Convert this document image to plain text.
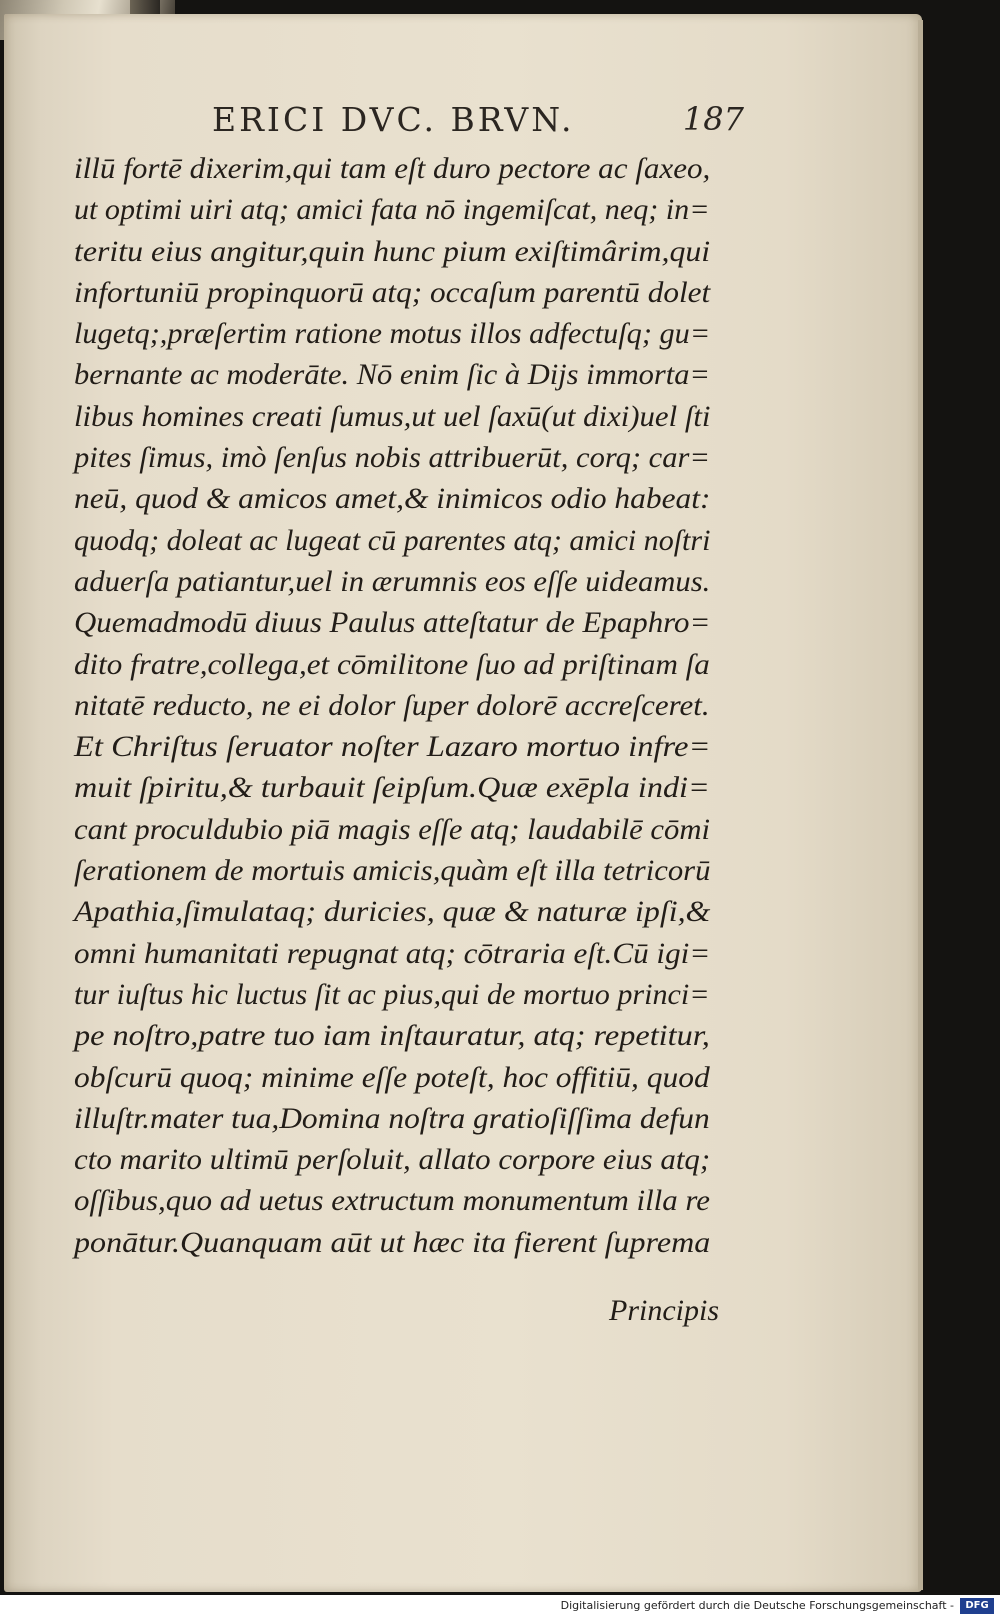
ERICI DVC. BRVN.	187
illū fortē dixerim,qui tam eſt duro pectore ac ſaxeo,
ut optimi uiri atq; amici fata nō ingemiſcat, neq; in=
teritu eius angitur,quin hunc pium exiſtimârim,qui
infortuniū propinquorū atq; occaſum parentū dolet
lugetq;,præſertim ratione motus illos adfectuſq; gu=
bernante ac moderāte. Nō enim ſic à Dijs immorta=
libus homines creati ſumus,ut uel ſaxū(ut dixi)uel ſti
pites ſimus, imò ſenſus nobis attribuerūt, corq; car=
neū, quod & amicos amet,& inimicos odio habeat:
quodq; doleat ac lugeat cū parentes atq; amici noſtri
aduerſa patiantur,uel in ærumnis eos eſſe uideamus.
Quemadmodū diuus Paulus atteſtatur de Epaphro=
dito fratre,collega,et cōmilitone ſuo ad priſtinam ſa
nitatē reducto, ne ei dolor ſuper dolorē accreſceret.
Et Chriſtus ſeruator noſter Lazaro mortuo infre=
muit ſpiritu,& turbauit ſeipſum.Quæ exēpla indi=
cant proculdubio piā magis eſſe atq; laudabilē cōmi
ſerationem de mortuis amicis,quàm eſt illa tetricorū
Apathia,ſimulataq; duricies, quæ & naturæ ipſi,&
omni humanitati repugnat atq; cōtraria eſt.Cū igi=
tur iuſtus hic luctus ſit ac pius,qui de mortuo princi=
pe noſtro,patre tuo iam inſtauratur, atq; repetitur,
obſcurū quoq; minime eſſe poteſt, hoc offitiū, quod
illuſtr.mater tua,Domina noſtra gratioſiſſima defun
cto marito ultimū perſoluit, allato corpore eius atq;
oſſibus,quo ad uetus extructum monumentum illa re
ponātur.Quanquam aūt ut hæc ita fierent ſuprema
Principis
Digitalisierung gefördert durch die Deutsche Forschungsgemeinschaft -	DFG
